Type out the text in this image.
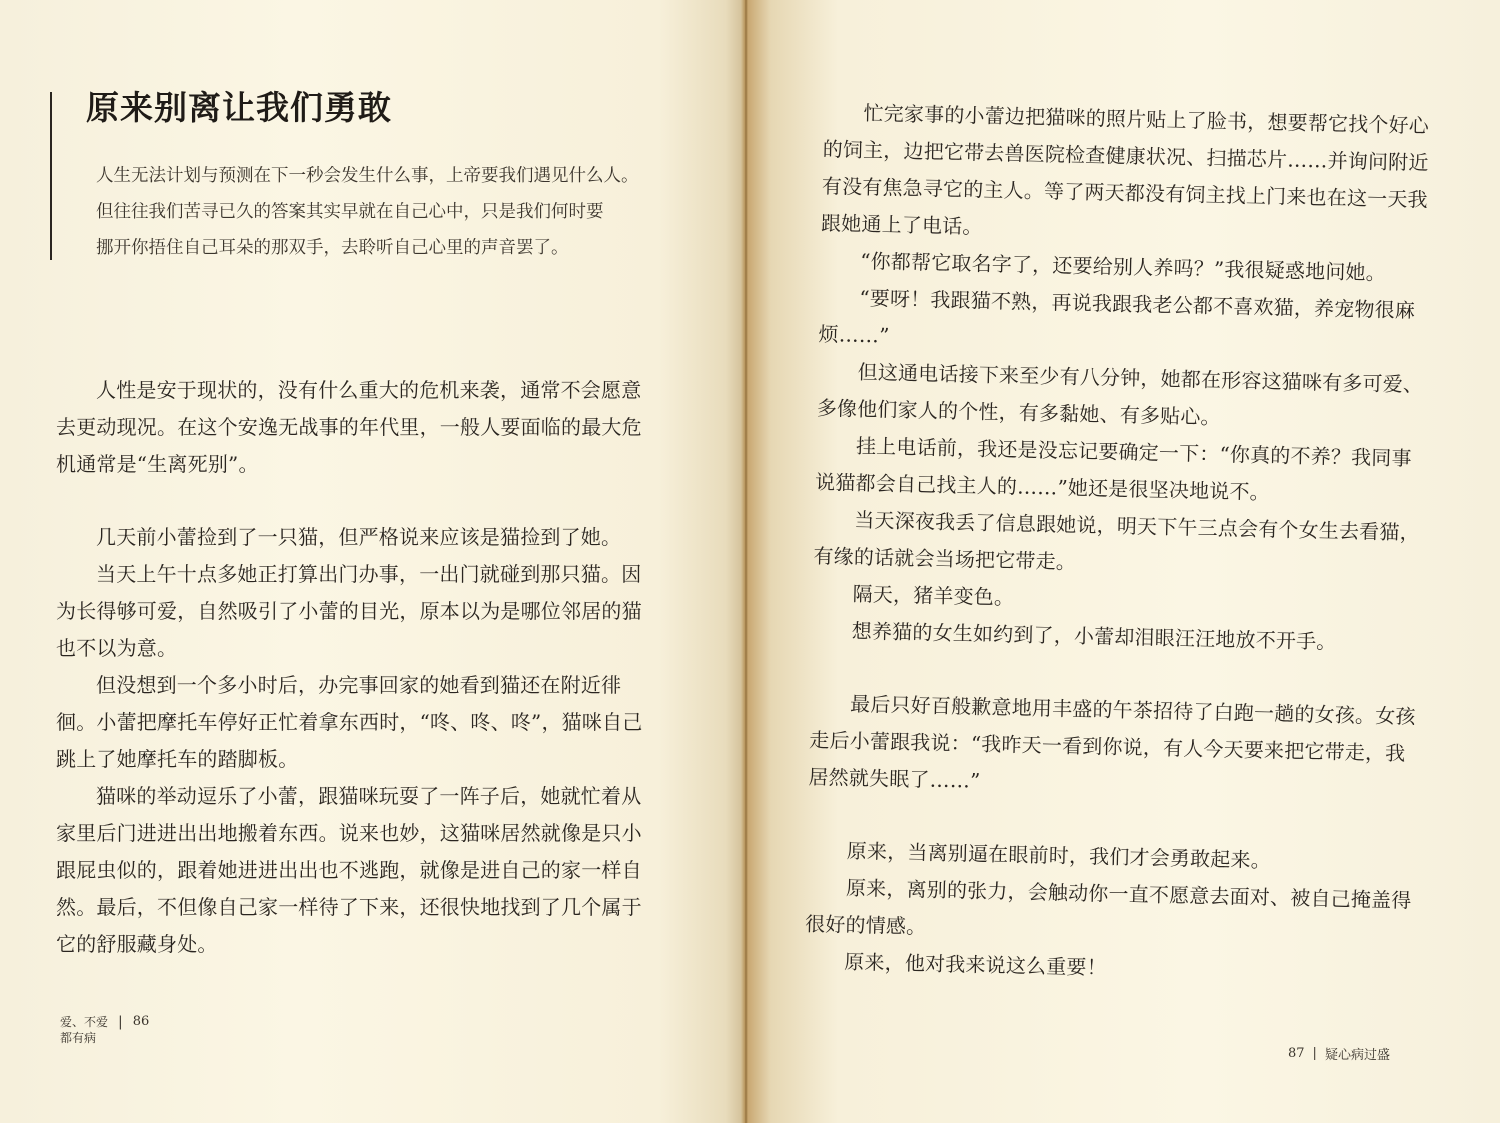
原来别离让我们勇敢

人生无法计划与预测在下一秒会发生什么事，上帝要我们遇见什么人。

但往往我们苦寻已久的答案其实早就在自己心中，只是我们何时要

挪开你捂住自己耳朵的那双手，去聆听自己心里的声音罢了。

人性是安于现状的，没有什么重大的危机来袭，通常不会愿意去更动现况。在这个安逸无战事的年代里，一般人要面临的最大危机通常是“生离死别”。

几天前小蕾捡到了一只猫，但严格说来应该是猫捡到了她。

当天上午十点多她正打算出门办事，一出门就碰到那只猫。因为长得够可爱，自然吸引了小蕾的目光，原本以为是哪位邻居的猫也不以为意。

但没想到一个多小时后，办完事回家的她看到猫还在附近徘徊。小蕾把摩托车停好正忙着拿东西时，“咚、咚、咚”，猫咪自己跳上了她摩托车的踏脚板。

猫咪的举动逗乐了小蕾，跟猫咪玩耍了一阵子后，她就忙着从家里后门进进出出地搬着东西。说来也妙，这猫咪居然就像是只小跟屁虫似的，跟着她进进出出也不逃跑，就像是进自己的家一样自然。最后，不但像自己家一样待了下来，还很快地找到了几个属于它的舒服藏身处。

爱、不爱 | 86
都有病

忙完家事的小蕾边把猫咪的照片贴上了脸书，想要帮它找个好心的饲主，边把它带去兽医院检查健康状况、扫描芯片……并询问附近有没有焦急寻它的主人。等了两天都没有饲主找上门来也在这一天我跟她通上了电话。

“你都帮它取名字了，还要给别人养吗？”我很疑惑地问她。

“要呀！我跟猫不熟，再说我跟我老公都不喜欢猫，养宠物很麻烦……”

但这通电话接下来至少有八分钟，她都在形容这猫咪有多可爱、多像他们家人的个性，有多黏她、有多贴心。

挂上电话前，我还是没忘记要确定一下：“你真的不养？我同事说猫都会自己找主人的……”她还是很坚决地说不。

当天深夜我丢了信息跟她说，明天下午三点会有个女生去看猫，有缘的话就会当场把它带走。

隔天，猪羊变色。

想养猫的女生如约到了，小蕾却泪眼汪汪地放不开手。

最后只好百般歉意地用丰盛的午茶招待了白跑一趟的女孩。女孩走后小蕾跟我说：“我昨天一看到你说，有人今天要来把它带走，我居然就失眠了……”

原来，当离别逼在眼前时，我们才会勇敢起来。

原来，离别的张力，会触动你一直不愿意去面对、被自己掩盖得很好的情感。

原来，他对我来说这么重要！

87 | 疑心病过盛
